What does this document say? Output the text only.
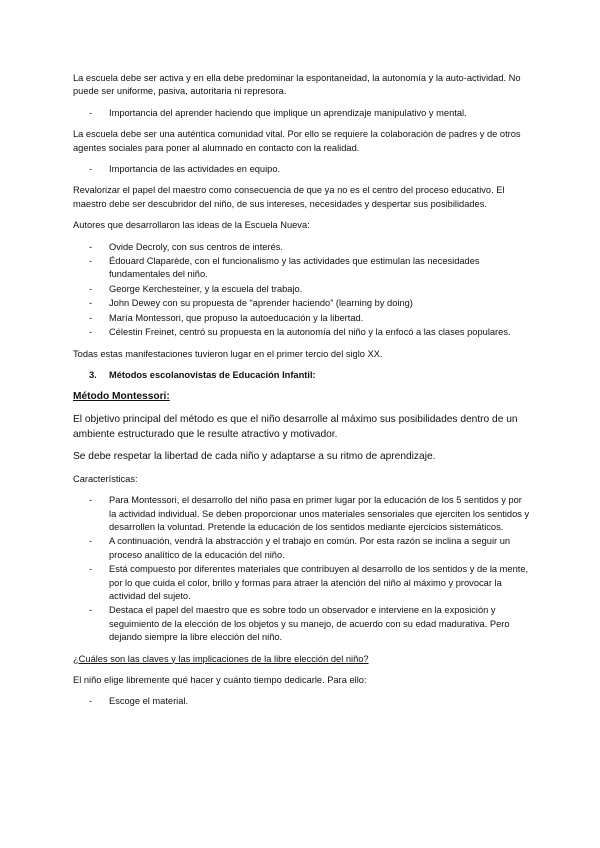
La escuela debe ser activa y en ella debe predominar la espontaneidad, la autonomía y la auto-actividad. No puede ser uniforme, pasiva, autoritaria ni represora.

- Importancia del aprender haciendo que implique un aprendizaje manipulativo y mental.

La escuela debe ser una auténtica comunidad vital. Por ello se requiere la colaboración de padres y de otros agentes sociales para poner al alumnado en contacto con la realidad.

- Importancia de las actividades en equipo.

Revalorizar el papel del maestro como consecuencia de que ya no es el centro del proceso educativo. El maestro debe ser descubridor del niño, de sus intereses, necesidades y despertar sus posibilidades.

Autores que desarrollaron las ideas de la Escuela Nueva:

- Ovide Decroly, con sus centros de interés.
- Édouard Claparède, con el funcionalismo y las actividades que estimulan las necesidades fundamentales del niño.
- George Kerchesteiner, y la escuela del trabajo.
- John Dewey con su propuesta de “aprender haciendo” (learning by doing)
- María Montessori, que propuso la autoeducación y la libertad.
- Célestin Freinet, centró su propuesta en la autonomía del niño y la enfocó a las clases populares.

Todas estas manifestaciones tuvieron lugar en el primer tercio del siglo XX.

3. Métodos escolanovistas de Educación Infantil:

Método Montessori:

El objetivo principal del método es que el niño desarrolle al máximo sus posibilidades dentro de un ambiente estructurado que le resulte atractivo y motivador.

Se debe respetar la libertad de cada niño y adaptarse a su ritmo de aprendizaje.

Características:

- Para Montessori, el desarrollo del niño pasa en primer lugar por la educación de los 5 sentidos y por la actividad individual. Se deben proporcionar unos materiales sensoriales que ejerciten los sentidos y desarrollen la voluntad. Pretende la educación de los sentidos mediante ejercicios sistemáticos.
- A continuación, vendrá la abstracción y el trabajo en común. Por esta razón se inclina a seguir un proceso analítico de la educación del niño.
- Está compuesto por diferentes materiales que contribuyen al desarrollo de los sentidos y de la mente, por lo que cuida el color, brillo y formas para atraer la atención del niño al máximo y provocar la actividad del sujeto.
- Destaca el papel del maestro que es sobre todo un observador e interviene en la exposición y seguimiento de la elección de los objetos y su manejo, de acuerdo con su edad madurativa. Pero dejando siempre la libre elección del niño.

¿Cuáles son las claves y las implicaciones de la libre elección del niño?

El niño elige libremente qué hacer y cuánto tiempo dedicarle. Para ello:

- Escoge el material.
